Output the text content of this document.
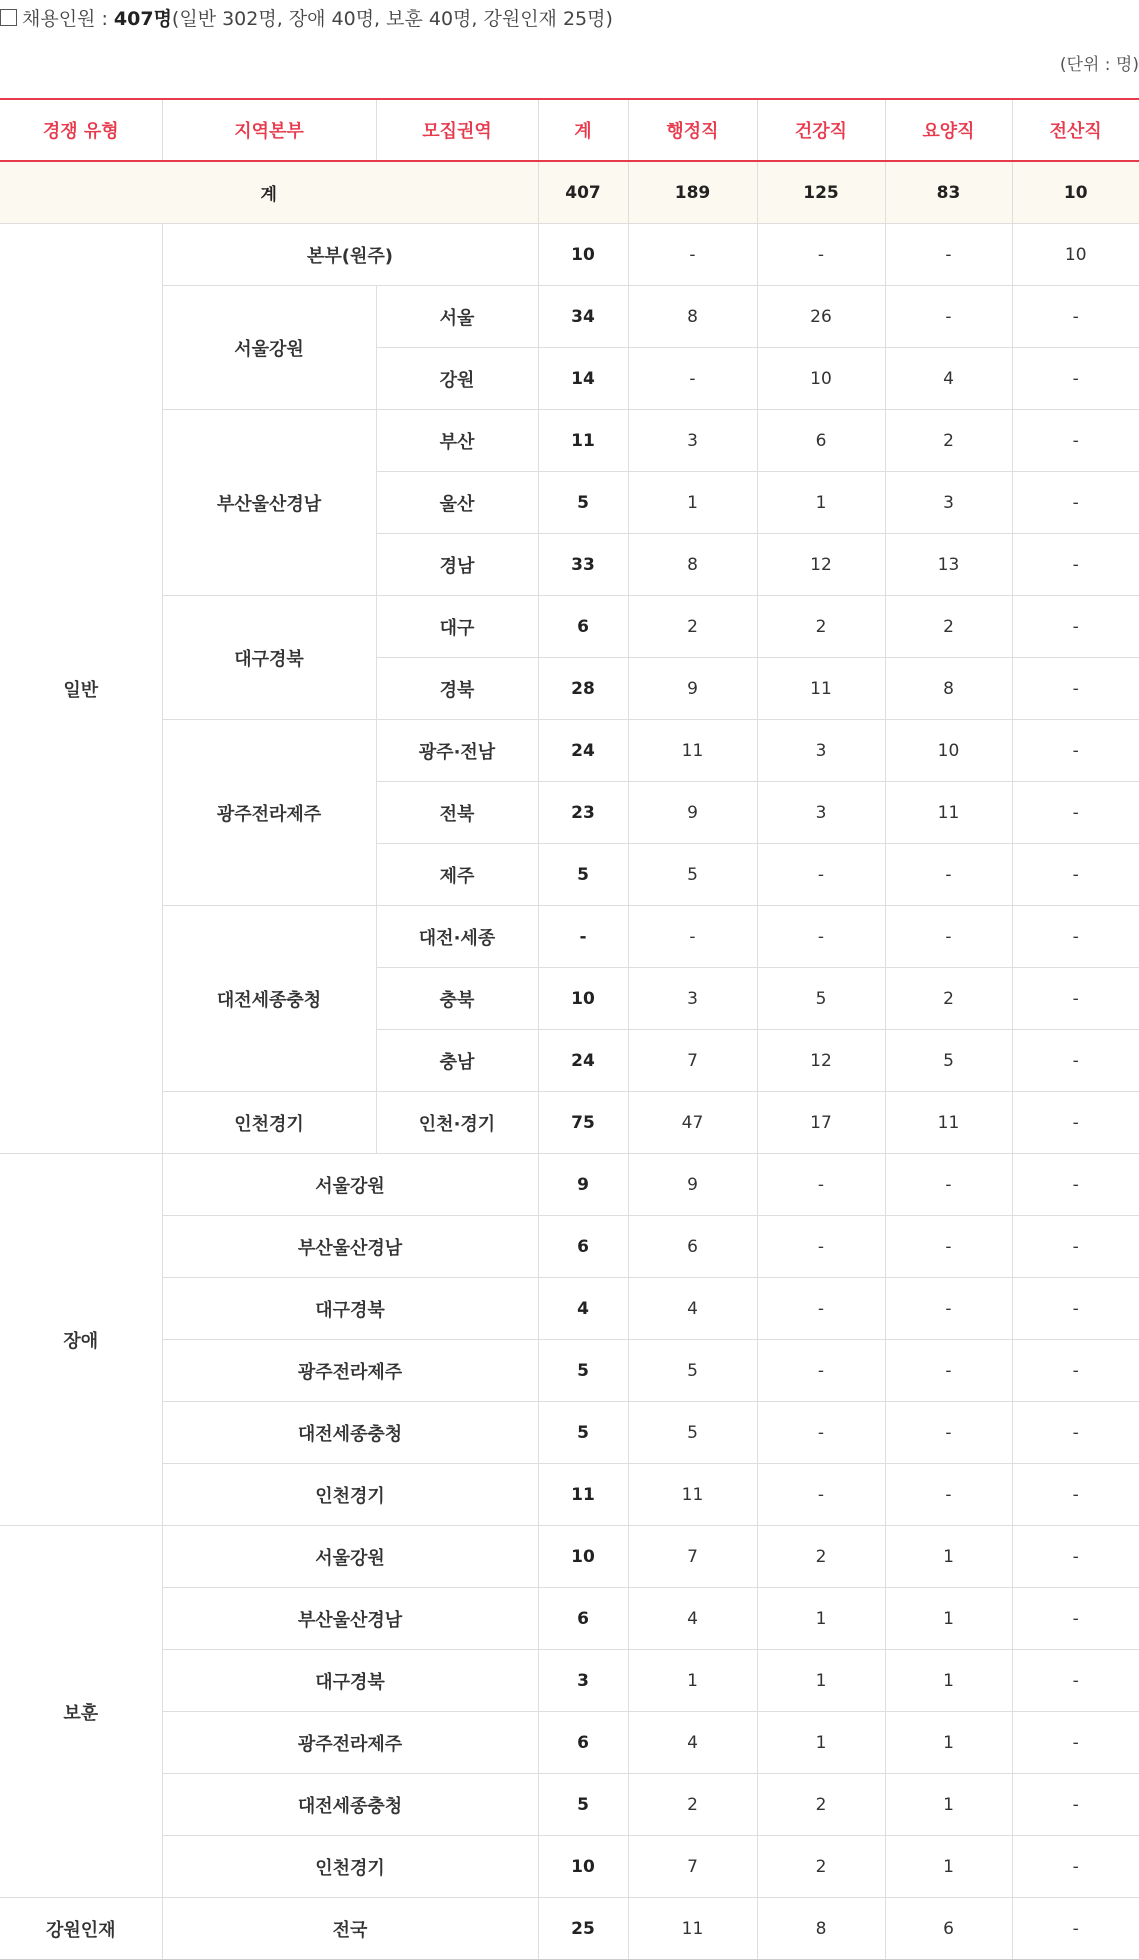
채용인원 : 407명(일반 302명, 장애 40명, 보훈 40명, 강원인재 25명)
(단위 : 명)
경쟁 유형	지역본부	모집권역	계	행정직	건강직	요양직	전산직
계			407	189	125	83	10
일반	본부(원주)		10	-	-	-	10
	서울강원	서울	34	8	26	-	-
		강원	14	-	10	4	-
	부산울산경남	부산	11	3	6	2	-
		울산	5	1	1	3	-
		경남	33	8	12	13	-
	대구경북	대구	6	2	2	2	-
		경북	28	9	11	8	-
	광주전라제주	광주·전남	24	11	3	10	-
		전북	23	9	3	11	-
		제주	5	5	-	-	-
	대전세종충청	대전·세종	-	-	-	-	-
		충북	10	3	5	2	-
		충남	24	7	12	5	-
	인천경기	인천·경기	75	47	17	11	-
장애	서울강원		9	9	-	-	-
	부산울산경남		6	6	-	-	-
	대구경북		4	4	-	-	-
	광주전라제주		5	5	-	-	-
	대전세종충청		5	5	-	-	-
	인천경기		11	11	-	-	-
보훈	서울강원		10	7	2	1	-
	부산울산경남		6	4	1	1	-
	대구경북		3	1	1	1	-
	광주전라제주		6	4	1	1	-
	대전세종충청		5	2	2	1	-
	인천경기		10	7	2	1	-
강원인재	전국		25	11	8	6	-
